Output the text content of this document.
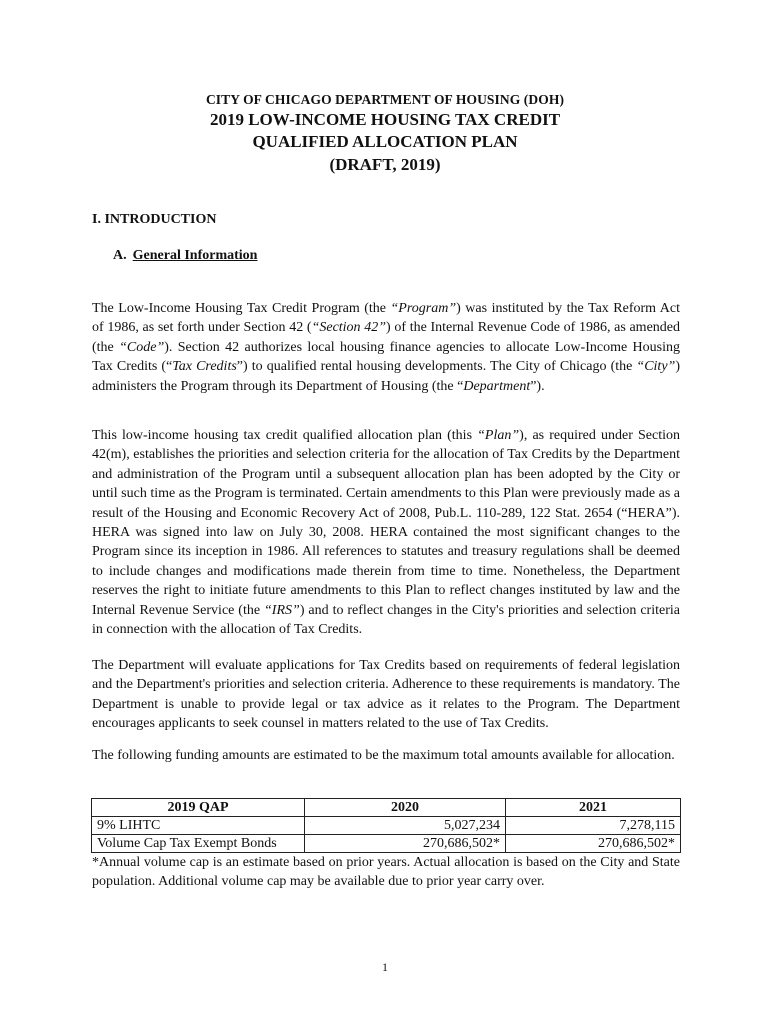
CITY OF CHICAGO DEPARTMENT OF HOUSING (DOH)
2019 LOW-INCOME HOUSING TAX CREDIT
QUALIFIED ALLOCATION PLAN
(DRAFT, 2019)
I. INTRODUCTION
A. General Information
The Low-Income Housing Tax Credit Program (the “Program”) was instituted by the Tax Reform Act of 1986, as set forth under Section 42 (“Section 42”) of the Internal Revenue Code of 1986, as amended (the “Code”). Section 42 authorizes local housing finance agencies to allocate Low-Income Housing Tax Credits (“Tax Credits”) to qualified rental housing developments. The City of Chicago (the “City”) administers the Program through its Department of Housing (the “Department”).
This low-income housing tax credit qualified allocation plan (this “Plan”), as required under Section 42(m), establishes the priorities and selection criteria for the allocation of Tax Credits by the Department and administration of the Program until a subsequent allocation plan has been adopted by the City or until such time as the Program is terminated. Certain amendments to this Plan were previously made as a result of the Housing and Economic Recovery Act of 2008, Pub.L. 110-289, 122 Stat. 2654 (“HERA”). HERA was signed into law on July 30, 2008. HERA contained the most significant changes to the Program since its inception in 1986. All references to statutes and treasury regulations shall be deemed to include changes and modifications made therein from time to time. Nonetheless, the Department reserves the right to initiate future amendments to this Plan to reflect changes instituted by law and the Internal Revenue Service (the “IRS”) and to reflect changes in the City's priorities and selection criteria in connection with the allocation of Tax Credits.
The Department will evaluate applications for Tax Credits based on requirements of federal legislation and the Department's priorities and selection criteria. Adherence to these requirements is mandatory. The Department is unable to provide legal or tax advice as it relates to the Program. The Department encourages applicants to seek counsel in matters related to the use of Tax Credits.
The following funding amounts are estimated to be the maximum total amounts available for allocation.
2019 QAP	2020	2021
9% LIHTC	5,027,234	7,278,115
Volume Cap Tax Exempt Bonds	270,686,502*	270,686,502*
*Annual volume cap is an estimate based on prior years. Actual allocation is based on the City and State population. Additional volume cap may be available due to prior year carry over.
1
